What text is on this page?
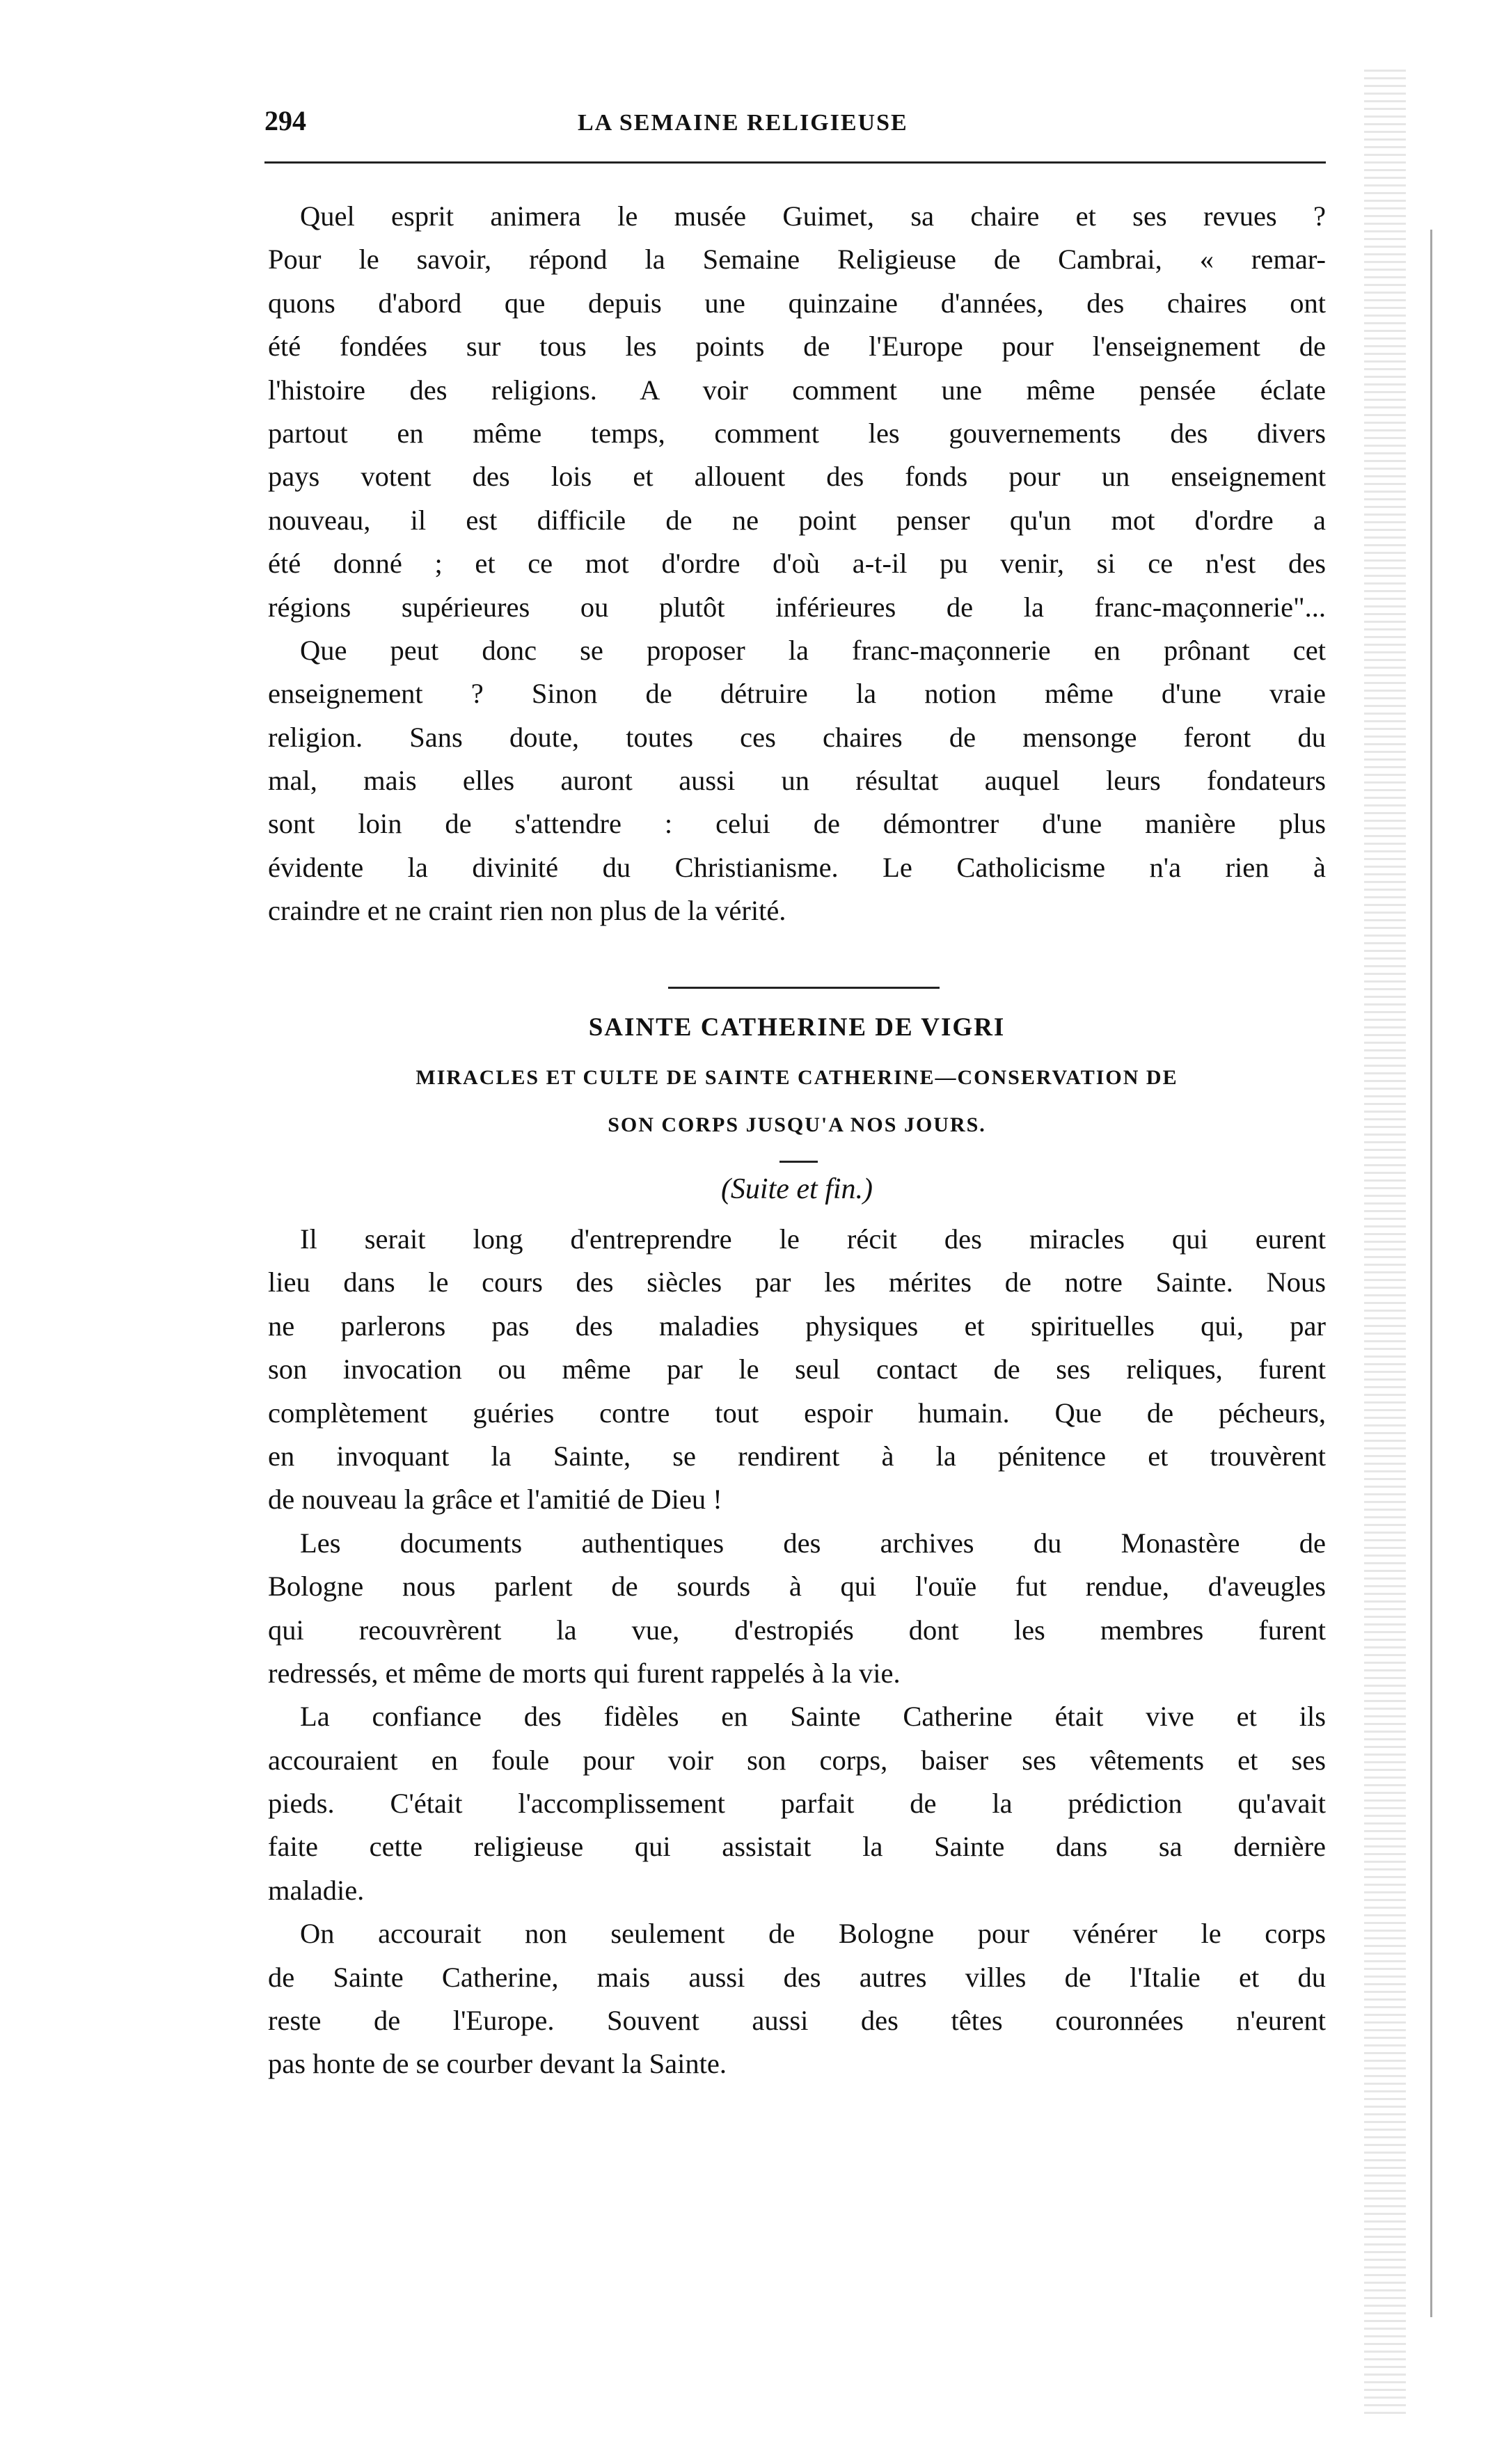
294	LA SEMAINE RELIGIEUSE
Quel esprit animera le musée Guimet, sa chaire et ses revues ?
Pour le savoir, répond la Semaine Religieuse de Cambrai, « remar-
quons d'abord que depuis une quinzaine d'années, des chaires ont
été fondées sur tous les points de l'Europe pour l'enseignement de
l'histoire des religions. A voir comment une même pensée éclate
partout en même temps, comment les gouvernements des divers
pays votent des lois et allouent des fonds pour un enseignement
nouveau, il est difficile de ne point penser qu'un mot d'ordre a
été donné ; et ce mot d'ordre d'où a-t-il pu venir, si ce n'est des
régions supérieures ou plutôt inférieures de la franc-maçonnerie"...
Que peut donc se proposer la franc-maçonnerie en prônant cet
enseignement ? Sinon de détruire la notion même d'une vraie
religion. Sans doute, toutes ces chaires de mensonge feront du
mal, mais elles auront aussi un résultat auquel leurs fondateurs
sont loin de s'attendre : celui de démontrer d'une manière plus
évidente la divinité du Christianisme. Le Catholicisme n'a rien à
craindre et ne craint rien non plus de la vérité.
SAINTE CATHERINE DE VIGRI
MIRACLES ET CULTE DE SAINTE CATHERINE—CONSERVATION DE
SON CORPS JUSQU'A NOS JOURS.
(Suite et fin.)
Il serait long d'entreprendre le récit des miracles qui eurent
lieu dans le cours des siècles par les mérites de notre Sainte. Nous
ne parlerons pas des maladies physiques et spirituelles qui, par
son invocation ou même par le seul contact de ses reliques, furent
complètement guéries contre tout espoir humain. Que de pécheurs,
en invoquant la Sainte, se rendirent à la pénitence et trouvèrent
de nouveau la grâce et l'amitié de Dieu !
Les documents authentiques des archives du Monastère de
Bologne nous parlent de sourds à qui l'ouïe fut rendue, d'aveugles
qui recouvrèrent la vue, d'estropiés dont les membres furent
redressés, et même de morts qui furent rappelés à la vie.
La confiance des fidèles en Sainte Catherine était vive et ils
accouraient en foule pour voir son corps, baiser ses vêtements et ses
pieds. C'était l'accomplissement parfait de la prédiction qu'avait
faite cette religieuse qui assistait la Sainte dans sa dernière
maladie.
On accourait non seulement de Bologne pour vénérer le corps
de Sainte Catherine, mais aussi des autres villes de l'Italie et du
reste de l'Europe. Souvent aussi des têtes couronnées n'eurent
pas honte de se courber devant la Sainte.
